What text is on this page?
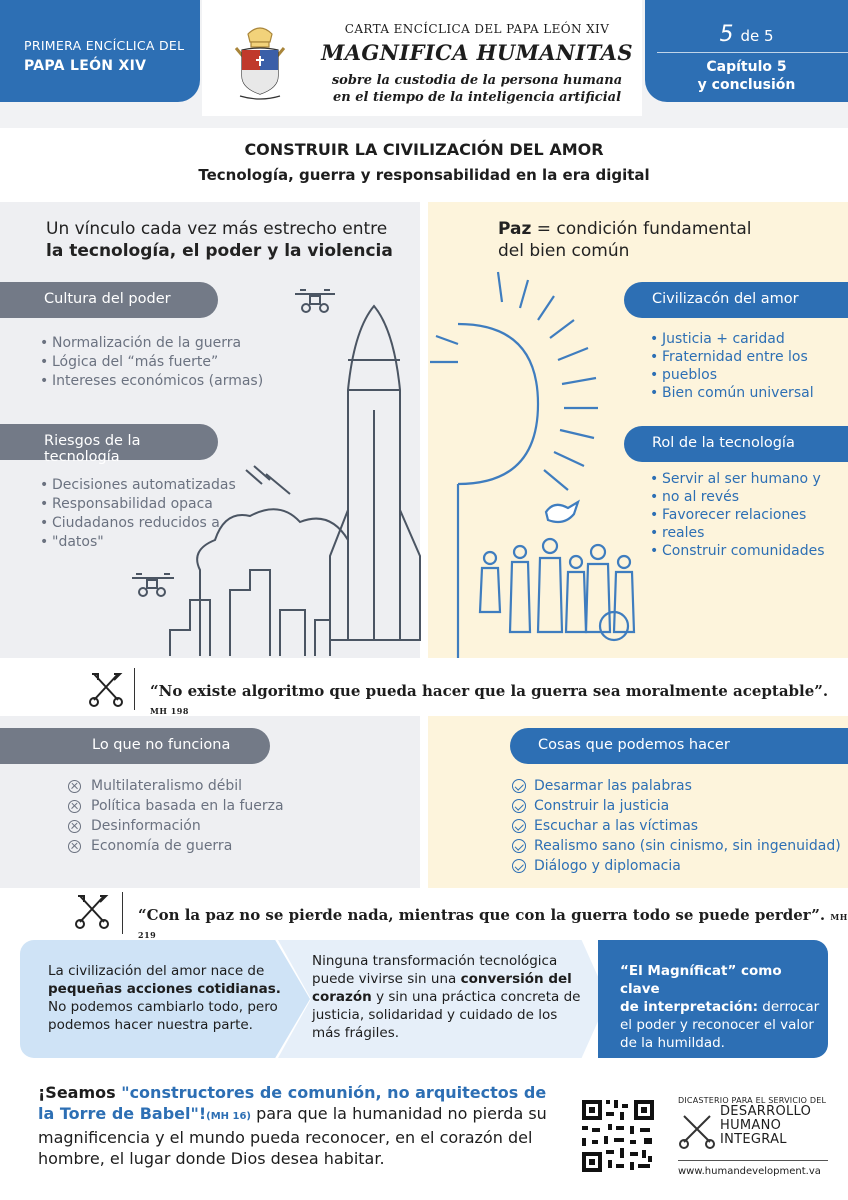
PRIMERA ENCÍCLICA DEL
PAPA LEÓN XIV
CARTA ENCÍCLICA DEL PAPA LEÓN XIV
MAGNIFICA HUMANITAS
sobre la custodia de la persona humana
en el tiempo de la inteligencia artificial
5 de 5
Capítulo 5
y conclusión
CONSTRUIR LA CIVILIZACIÓN DEL AMOR
Tecnología, guerra y responsabilidad en la era digital
Un vínculo cada vez más estrecho entre
la tecnología, el poder y la violencia
Paz = condición fundamental
del bien común
Cultura del poder
• Normalización de la guerra
• Lógica del “más fuerte”
• Intereses económicos (armas)
Riesgos de la tecnología
• Decisiones automatizadas
• Responsabilidad opaca
• Ciudadanos reducidos a
• "datos"
Civilizacón del amor
• Justicia + caridad
• Fraternidad entre los
• pueblos
• Bien común universal
Rol de la tecnología
• Servir al ser humano y
• no al revés
• Favorecer relaciones
• reales
• Construir comunidades
“No existe algoritmo que pueda hacer que la guerra sea moralmente aceptable”. MH 198
Lo que no funciona
Multilateralismo débil
Política basada en la fuerza
Desinformación
Economía de guerra
Cosas que podemos hacer
Desarmar las palabras
Construir la justicia
Escuchar a las víctimas
Realismo sano (sin cinismo, sin ingenuidad)
Diálogo y diplomacia
“Con la paz no se pierde nada, mientras que con la guerra todo se puede perder”. MH 219
La civilización del amor nace de
pequeñas acciones cotidianas.
No podemos cambiarlo todo, pero
podemos hacer nuestra parte.
Ninguna transformación tecnológica
puede vivirse sin una conversión del
corazón y sin una práctica concreta de
justicia, solidaridad y cuidado de los
más frágiles.
“El Magníficat” como clave
de interpretación: derrocar
el poder y reconocer el valor
de la humildad.
¡Seamos "constructores de comunión, no arquitectos de
la Torre de Babel"!(MH 16) para que la humanidad no pierda su
magnificencia y el mundo pueda reconocer, en el corazón del
hombre, el lugar donde Dios desea habitar.
DICASTERIO PARA EL SERVICIO DEL
DESARROLLO
HUMANO
INTEGRAL
www.humandevelopment.va
